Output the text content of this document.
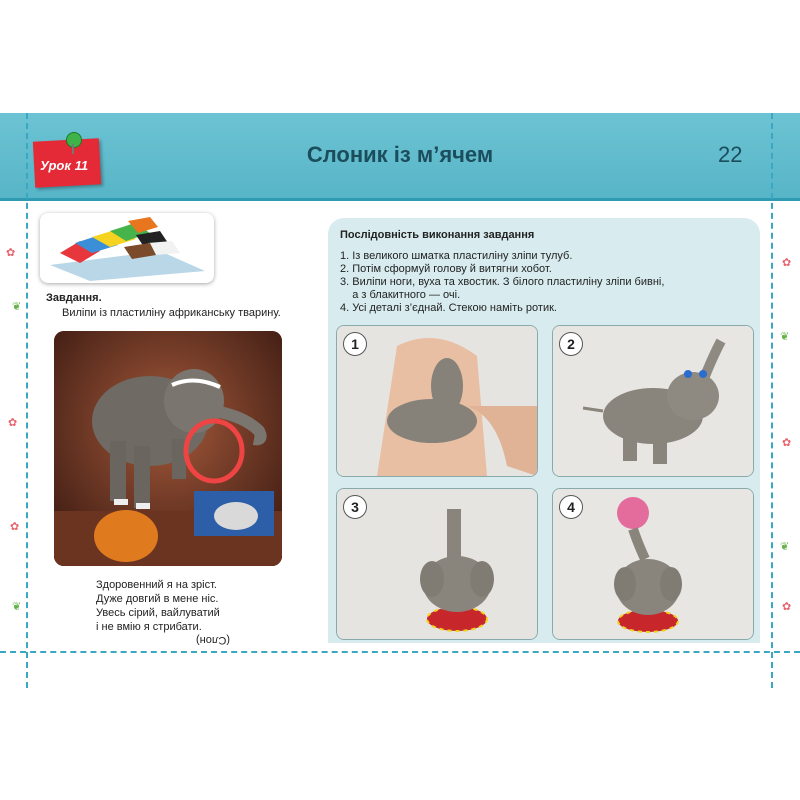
Урок 11	Слоник із м’ячем	22
Завдання.
Виліпи із пластиліну африканську тварину.
Здоровенний я на зріст.
Дуже довгий в мене ніс.
Увесь сірий, вайлуватий
і не вмію я стрибати.
(Слон)
Послідовність виконання завдання
1. Із великого шматка пластиліну зліпи тулуб.
2. Потім сформуй голову й витягни хобот.
3. Виліпи ноги, вуха та хвостик. З білого пластиліну зліпи бивні,
а з блакитного — очі.
4. Усі деталі з’єднай. Стекою наміть ротик.
1	2
3	4
✿
❦
✿
✿
❦
✿
❦
✿
❦
✿
